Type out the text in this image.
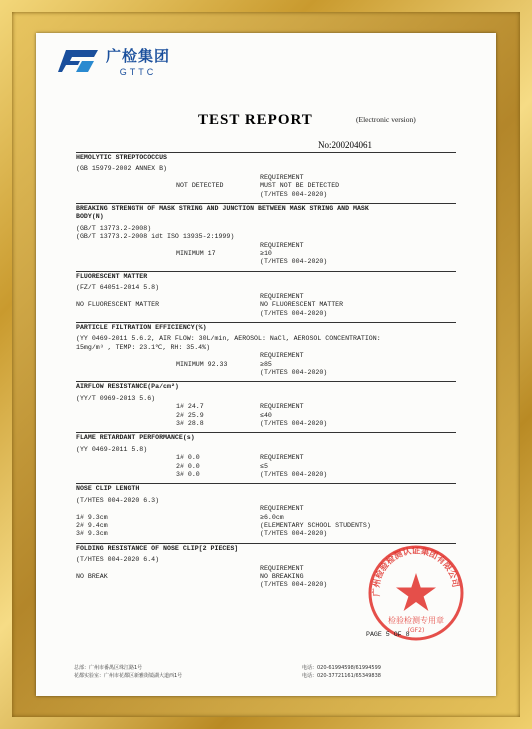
广检集团
GTTC
TEST REPORT	(Electronic version)
No:200204061
HEMOLYTIC STREPTOCOCCUS
(GB 15979-2002 ANNEX B)
REQUIREMENT
NOT DETECTED	MUST NOT BE DETECTED
(T/HTES 004-2020)
BREAKING STRENGTH OF MASK STRING AND JUNCTION BETWEEN MASK STRING AND MASK
BODY(N)
(GB/T 13773.2-2008)
(GB/T 13773.2-2008 idt ISO 13935-2:1999)
REQUIREMENT
MINIMUM 17	≥10
(T/HTES 004-2020)
FLUORESCENT MATTER
(FZ/T 64051-2014 5.8)
REQUIREMENT
NO FLUORESCENT MATTER	NO FLUORESCENT MATTER
(T/HTES 004-2020)
PARTICLE FILTRATION EFFICIENCY(%)
(YY 0469-2011 5.6.2, AIR FLOW: 30L/min, AEROSOL: NaCl, AEROSOL CONCENTRATION:
15mg/m³ , TEMP: 23.1℃, RH: 35.4%)
REQUIREMENT
MINIMUM 92.33	≥85
(T/HTES 004-2020)
AIRFLOW RESISTANCE(Pa/cm²)
(YY/T 0969-2013 5.6)
1# 24.7	REQUIREMENT
2# 25.9	≤40
3# 28.8	(T/HTES 004-2020)
FLAME RETARDANT PERFORMANCE(s)
(YY 0469-2011 5.8)
1# 0.0	REQUIREMENT
2# 0.0	≤5
3# 0.0	(T/HTES 004-2020)
NOSE CLIP LENGTH
(T/HTES 004-2020 6.3)
REQUIREMENT
1# 9.3cm	≥6.0cm
2# 9.4cm	(ELEMENTARY SCHOOL STUDENTS)
3# 9.3cm	(T/HTES 004-2020)
FOLDING RESISTANCE OF NOSE CLIP[2 PIECES]
(T/HTES 004-2020 6.4)
REQUIREMENT
NO BREAK	NO BREAKING
(T/HTES 004-2020)
广州检验检测认证集团有限公司
检验检测专用章
(GF2)
PAGE 5 OF 8
总部：广州市番禺区珠江路1号
花都实验室：广州市花都区新雅街镜湖大道西1号
电话：020-61994598/61994599
电话：020-37721161/65349838
